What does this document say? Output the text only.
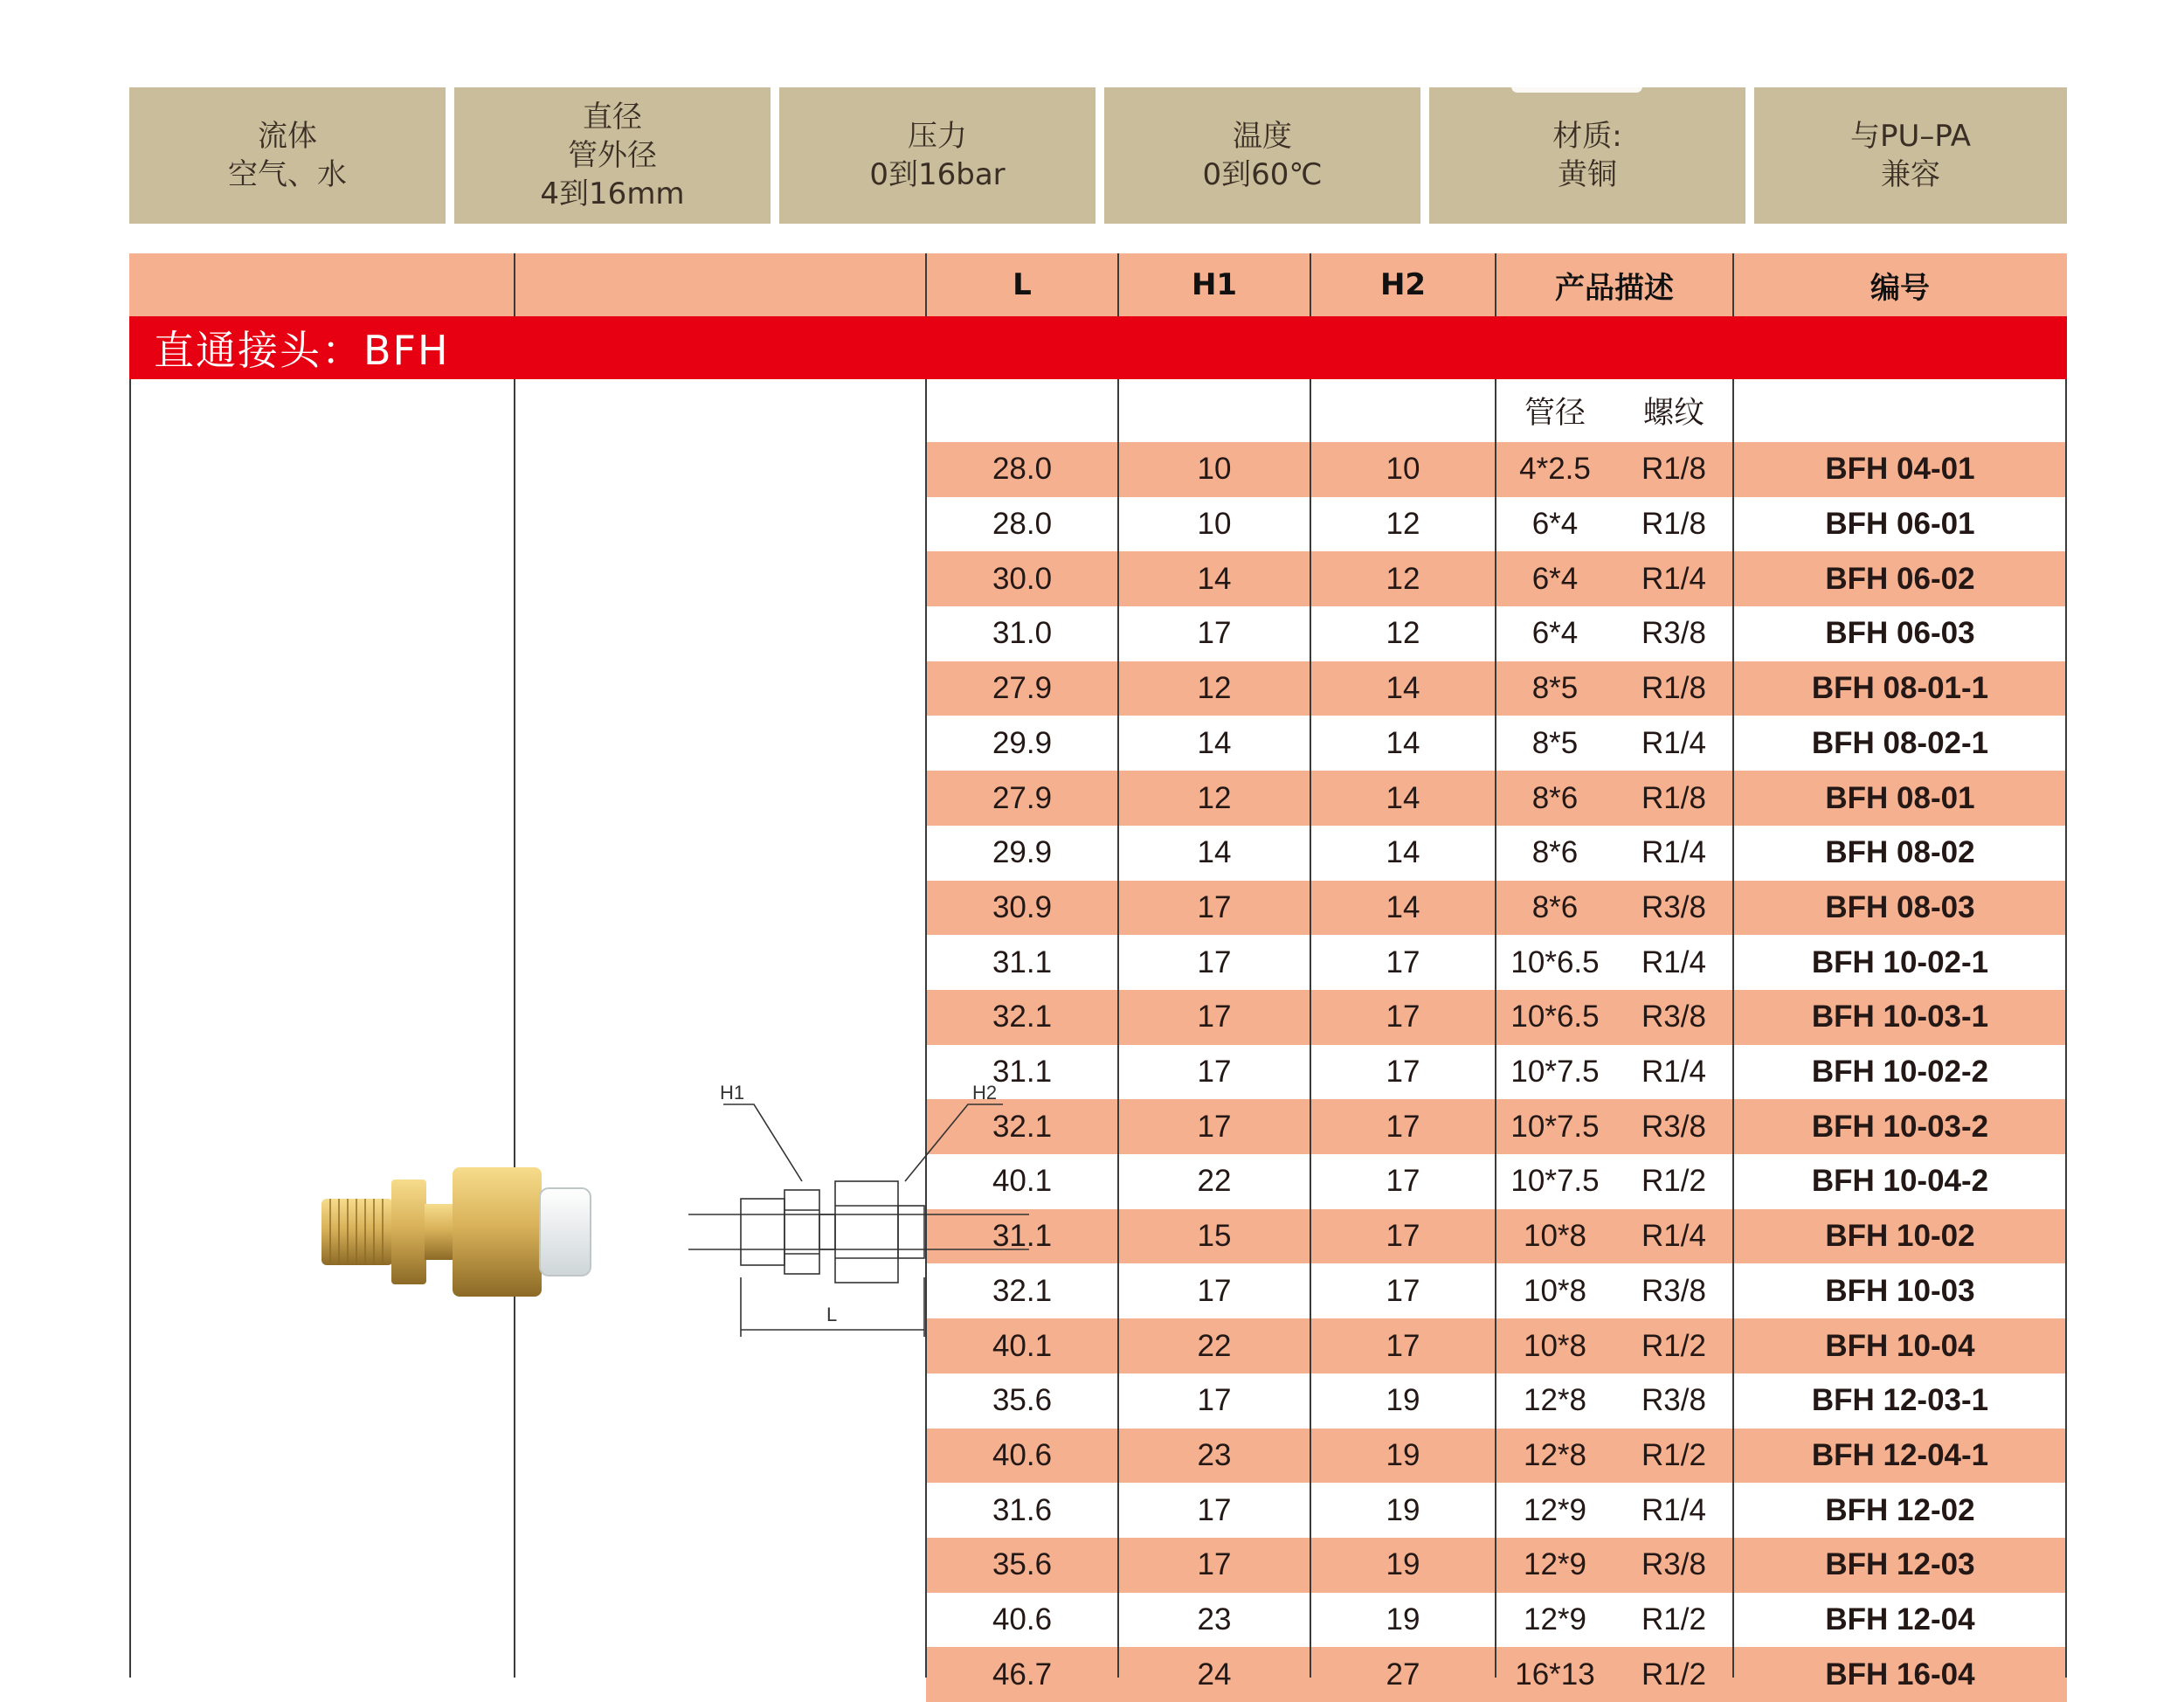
流体
空气、水
直径
管外径
4到16mm
压力
0到16bar
温度
0到60℃
材质:
黄铜
与PU–PA
兼容
L	H1	H2	产品描述	编号
直通接头：BFH
管径	螺纹
28.0	10	10	4*2.5	R1/8	BFH 04-01
28.0	10	12	6*4	R1/8	BFH 06-01
30.0	14	12	6*4	R1/4	BFH 06-02
31.0	17	12	6*4	R3/8	BFH 06-03
27.9	12	14	8*5	R1/8	BFH 08-01-1
29.9	14	14	8*5	R1/4	BFH 08-02-1
27.9	12	14	8*6	R1/8	BFH 08-01
29.9	14	14	8*6	R1/4	BFH 08-02
30.9	17	14	8*6	R3/8	BFH 08-03
31.1	17	17	10*6.5	R1/4	BFH 10-02-1
32.1	17	17	10*6.5	R3/8	BFH 10-03-1
31.1	17	17	10*7.5	R1/4	BFH 10-02-2
32.1	17	17	10*7.5	R3/8	BFH 10-03-2
40.1	22	17	10*7.5	R1/2	BFH 10-04-2
31.1	15	17	10*8	R1/4	BFH 10-02
32.1	17	17	10*8	R3/8	BFH 10-03
40.1	22	17	10*8	R1/2	BFH 10-04
35.6	17	19	12*8	R3/8	BFH 12-03-1
40.6	23	19	12*8	R1/2	BFH 12-04-1
31.6	17	19	12*9	R1/4	BFH 12-02
35.6	17	19	12*9	R3/8	BFH 12-03
40.6	23	19	12*9	R1/2	BFH 12-04
46.7	24	27	16*13	R1/2	BFH 16-04
H1	H2
L
